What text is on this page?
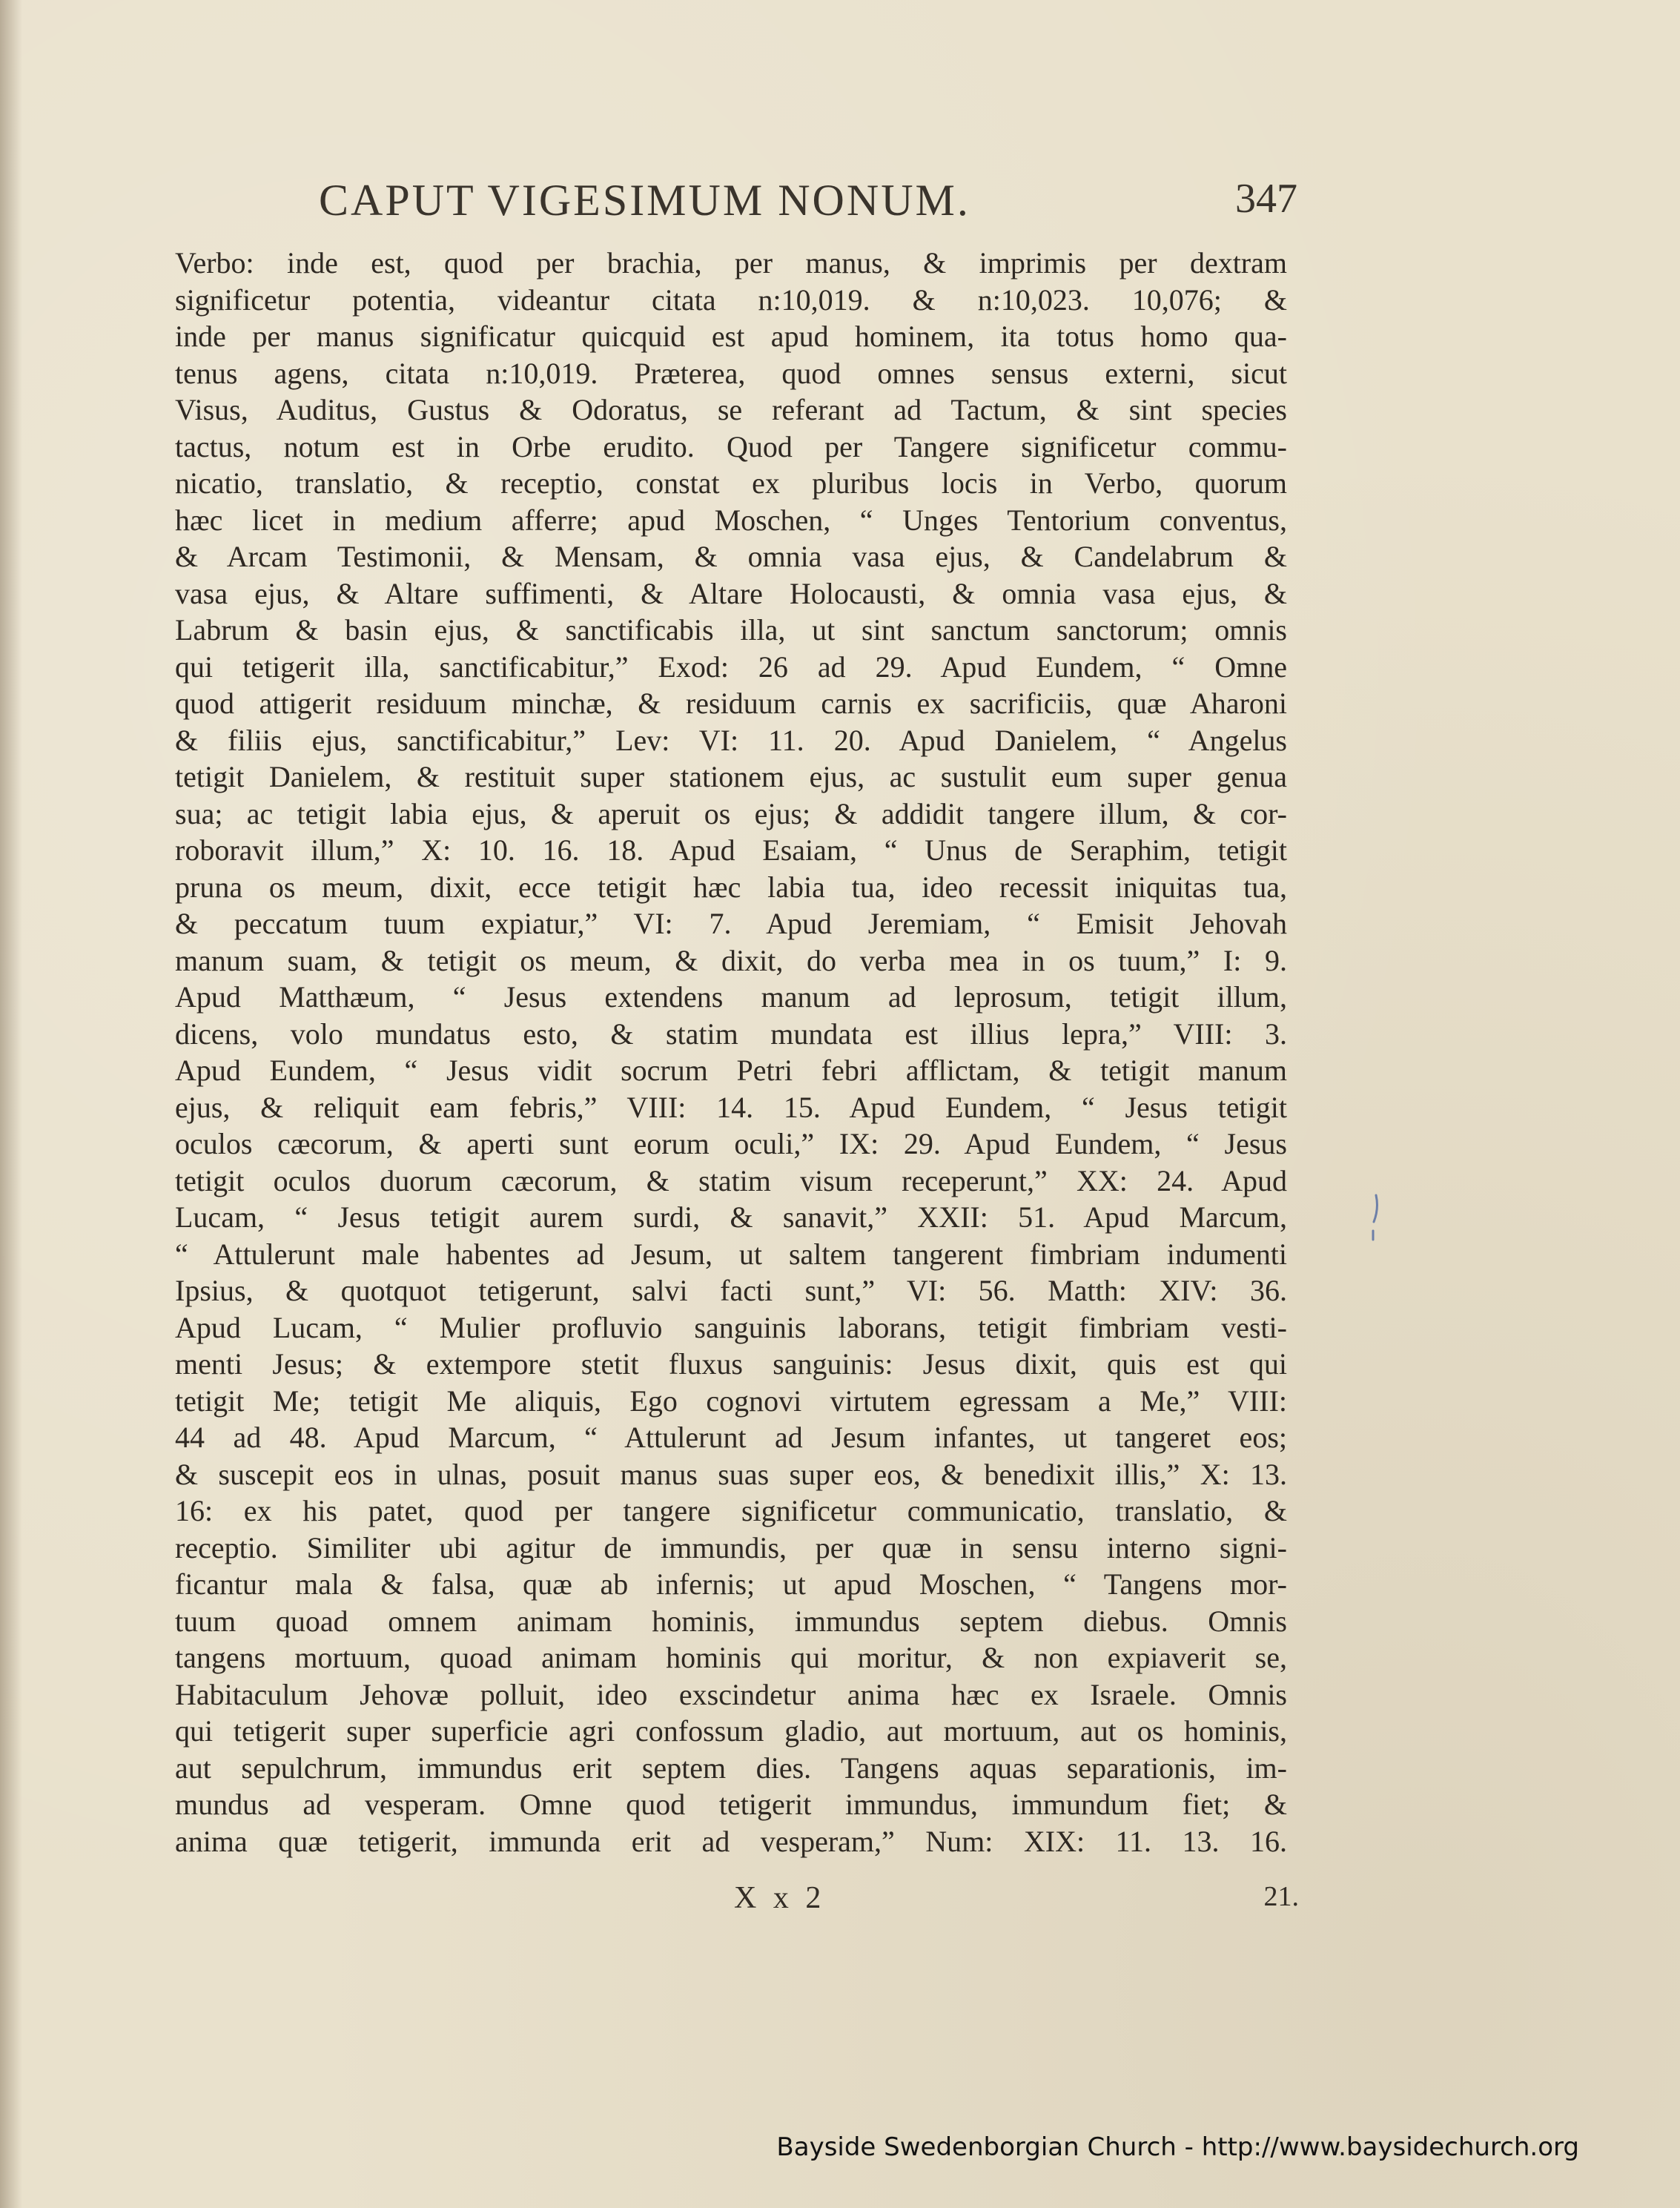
CAPUT VIGESIMUM NONUM.	347
Verbo: inde est, quod per brachia, per manus, & imprimis per dextram
significetur potentia, videantur citata n:10,019. & n:10,023. 10,076; &
inde per manus significatur quicquid est apud hominem, ita totus homo qua-
tenus agens, citata n:10,019. Præterea, quod omnes sensus externi, sicut
Visus, Auditus, Gustus & Odoratus, se referant ad Tactum, & sint species
tactus, notum est in Orbe erudito. Quod per Tangere significetur commu-
nicatio, translatio, & receptio, constat ex pluribus locis in Verbo, quorum
hæc licet in medium afferre; apud Moschen, “ Unges Tentorium conventus,
& Arcam Testimonii, & Mensam, & omnia vasa ejus, & Candelabrum &
vasa ejus, & Altare suffimenti, & Altare Holocausti, & omnia vasa ejus, &
Labrum & basin ejus, & sanctificabis illa, ut sint sanctum sanctorum; omnis
qui tetigerit illa, sanctificabitur,” Exod: 26 ad 29. Apud Eundem, “ Omne
quod attigerit residuum minchæ, & residuum carnis ex sacrificiis, quæ Aharoni
& filiis ejus, sanctificabitur,” Lev: VI: 11. 20. Apud Danielem, “ Angelus
tetigit Danielem, & restituit super stationem ejus, ac sustulit eum super genua
sua; ac tetigit labia ejus, & aperuit os ejus; & addidit tangere illum, & cor-
roboravit illum,” X: 10. 16. 18. Apud Esaiam, “ Unus de Seraphim, tetigit
pruna os meum, dixit, ecce tetigit hæc labia tua, ideo recessit iniquitas tua,
& peccatum tuum expiatur,” VI: 7. Apud Jeremiam, “ Emisit Jehovah
manum suam, & tetigit os meum, & dixit, do verba mea in os tuum,” I: 9.
Apud Matthæum, “ Jesus extendens manum ad leprosum, tetigit illum,
dicens, volo mundatus esto, & statim mundata est illius lepra,” VIII: 3.
Apud Eundem, “ Jesus vidit socrum Petri febri afflictam, & tetigit manum
ejus, & reliquit eam febris,” VIII: 14. 15. Apud Eundem, “ Jesus tetigit
oculos cæcorum, & aperti sunt eorum oculi,” IX: 29. Apud Eundem, “ Jesus
tetigit oculos duorum cæcorum, & statim visum receperunt,” XX: 24. Apud
Lucam, “ Jesus tetigit aurem surdi, & sanavit,” XXII: 51. Apud Marcum,
“ Attulerunt male habentes ad Jesum, ut saltem tangerent fimbriam indumenti
Ipsius, & quotquot tetigerunt, salvi facti sunt,” VI: 56. Matth: XIV: 36.
Apud Lucam, “ Mulier profluvio sanguinis laborans, tetigit fimbriam vesti-
menti Jesus; & extempore stetit fluxus sanguinis: Jesus dixit, quis est qui
tetigit Me; tetigit Me aliquis, Ego cognovi virtutem egressam a Me,” VIII:
44 ad 48. Apud Marcum, “ Attulerunt ad Jesum infantes, ut tangeret eos;
& suscepit eos in ulnas, posuit manus suas super eos, & benedixit illis,” X: 13.
16: ex his patet, quod per tangere significetur communicatio, translatio, &
receptio. Similiter ubi agitur de immundis, per quæ in sensu interno signi-
ficantur mala & falsa, quæ ab infernis; ut apud Moschen, “ Tangens mor-
tuum quoad omnem animam hominis, immundus septem diebus. Omnis
tangens mortuum, quoad animam hominis qui moritur, & non expiaverit se,
Habitaculum Jehovæ polluit, ideo exscindetur anima hæc ex Israele. Omnis
qui tetigerit super superficie agri confossum gladio, aut mortuum, aut os hominis,
aut sepulchrum, immundus erit septem dies. Tangens aquas separationis, im-
mundus ad vesperam. Omne quod tetigerit immundus, immundum fiet; &
anima quæ tetigerit, immunda erit ad vesperam,” Num: XIX: 11. 13. 16.
X x 2	21.
Bayside Swedenborgian Church - http://www.baysidechurch.org
